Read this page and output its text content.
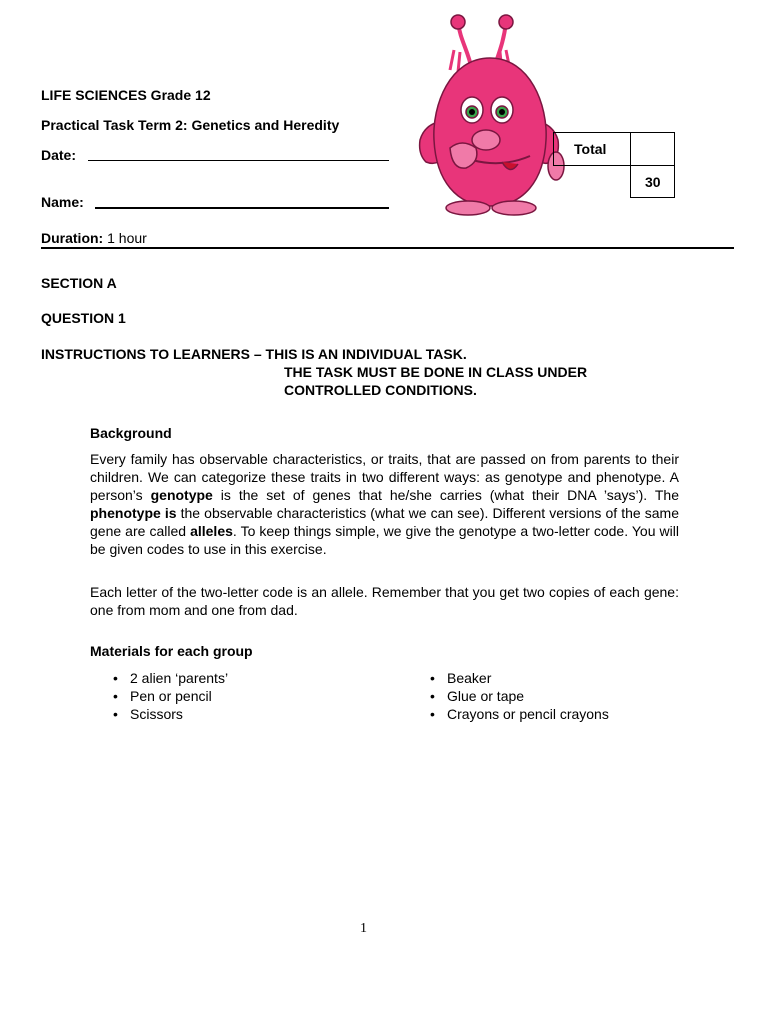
LIFE SCIENCES Grade 12
Practical Task Term 2: Genetics and Heredity
Date:
Name:
Duration: 1 hour
Total
30
SECTION A
QUESTION 1
INSTRUCTIONS TO LEARNERS – THIS IS AN INDIVIDUAL TASK.
THE TASK MUST BE DONE IN CLASS UNDER
CONTROLLED CONDITIONS.
Background
Every family has observable characteristics, or traits, that are passed on from parents to their children. We can categorize these traits in two different ways: as genotype and phenotype. A person’s genotype is the set of genes that he/she carries (what their DNA ’says’). The phenotype is the observable characteristics (what we can see). Different versions of the same gene are called alleles. To keep things simple, we give the genotype a two-letter code. You will be given codes to use in this exercise.
Each letter of the two-letter code is an allele. Remember that you get two copies of each gene: one from mom and one from dad.
Materials for each group
• 2 alien ‘parents’
• Pen or pencil
• Scissors
• Beaker
• Glue or tape
• Crayons or pencil crayons
1
